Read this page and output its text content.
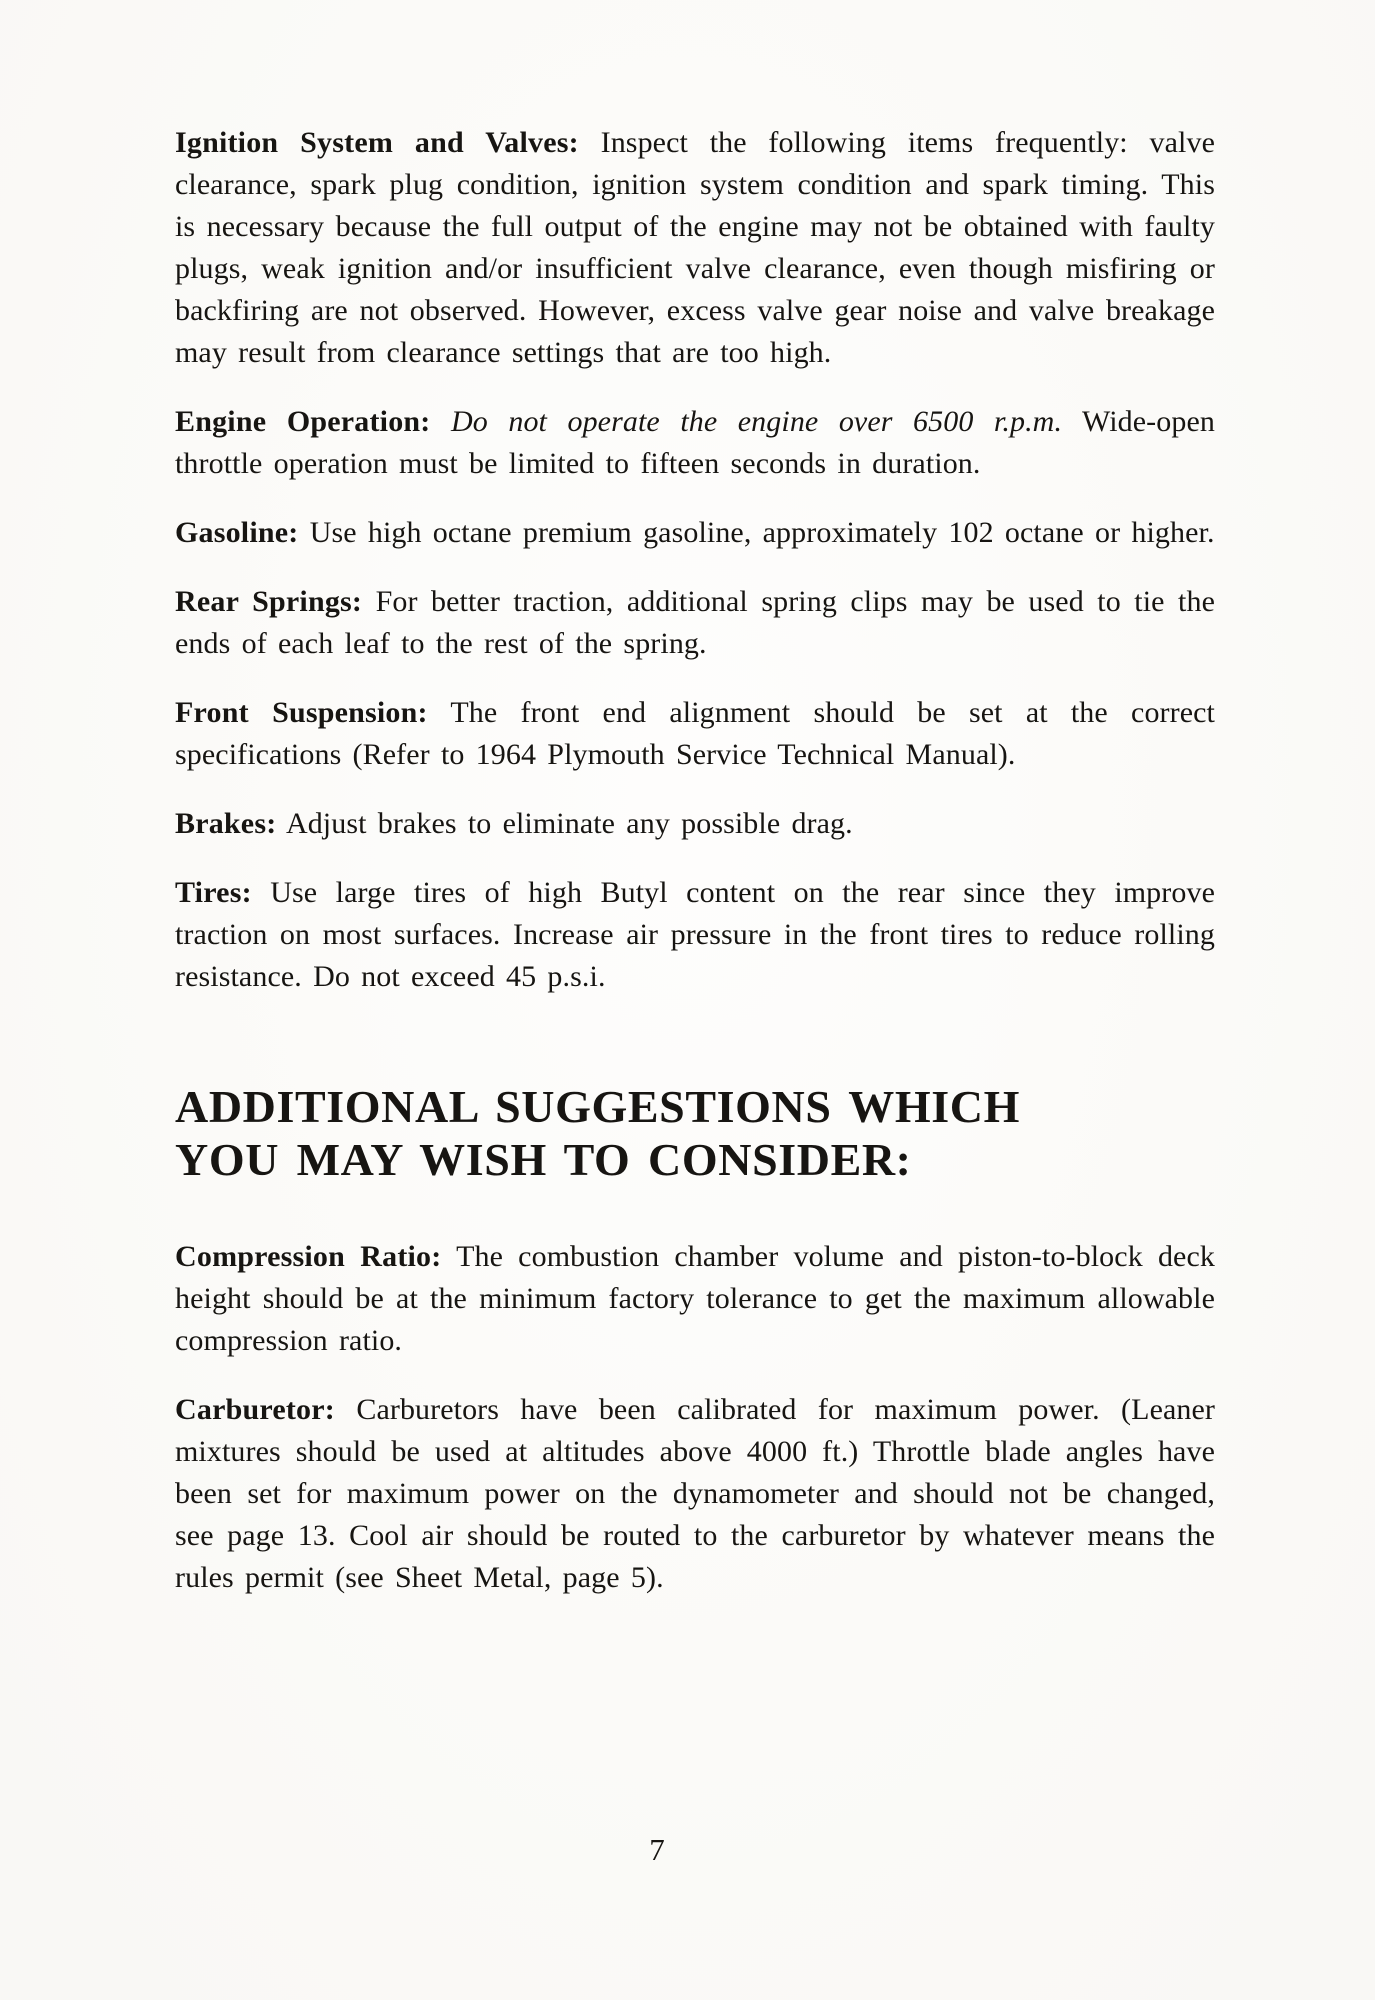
Ignition System and Valves: Inspect the following items frequently: valve clearance, spark plug condition, ignition system condition and spark timing. This is necessary because the full output of the engine may not be obtained with faulty plugs, weak ignition and/or insufficient valve clearance, even though misfiring or backfiring are not observed. However, excess valve gear noise and valve breakage may result from clearance settings that are too high.

Engine Operation: Do not operate the engine over 6500 r.p.m. Wide-open throttle operation must be limited to fifteen seconds in duration.

Gasoline: Use high octane premium gasoline, approximately 102 octane or higher.

Rear Springs: For better traction, additional spring clips may be used to tie the ends of each leaf to the rest of the spring.

Front Suspension: The front end alignment should be set at the correct specifications (Refer to 1964 Plymouth Service Technical Manual).

Brakes: Adjust brakes to eliminate any possible drag.

Tires: Use large tires of high Butyl content on the rear since they improve traction on most surfaces. Increase air pressure in the front tires to reduce rolling resistance. Do not exceed 45 p.s.i.

ADDITIONAL SUGGESTIONS WHICH
YOU MAY WISH TO CONSIDER:

Compression Ratio: The combustion chamber volume and piston-to-block deck height should be at the minimum factory tolerance to get the maximum allowable compression ratio.

Carburetor: Carburetors have been calibrated for maximum power. (Leaner mixtures should be used at altitudes above 4000 ft.) Throttle blade angles have been set for maximum power on the dynamometer and should not be changed, see page 13. Cool air should be routed to the carburetor by whatever means the rules permit (see Sheet Metal, page 5).

7
